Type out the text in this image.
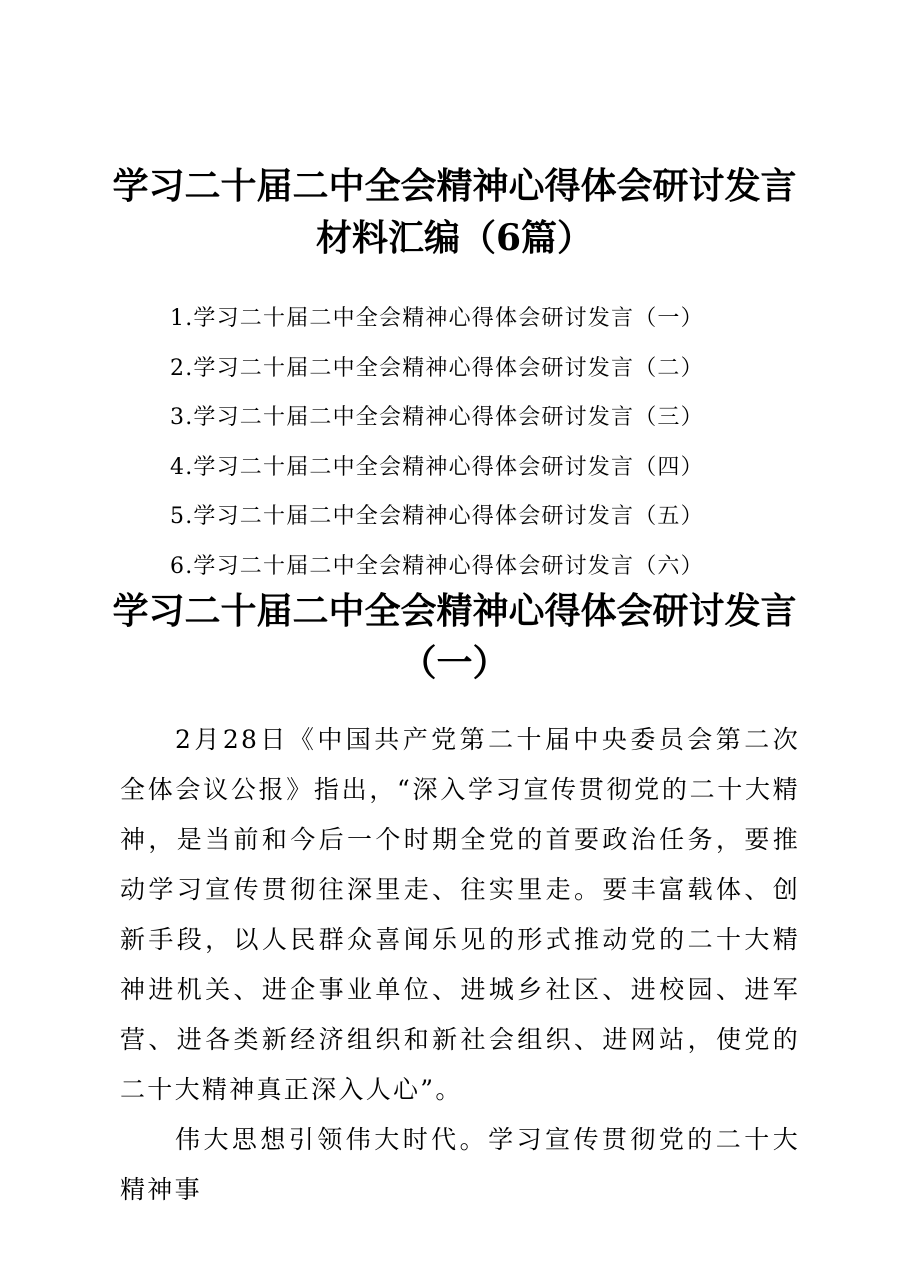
学习二十届二中全会精神心得体会研讨发言材料汇编（6篇）
1.学习二十届二中全会精神心得体会研讨发言（一）
2.学习二十届二中全会精神心得体会研讨发言（二）
3.学习二十届二中全会精神心得体会研讨发言（三）
4.学习二十届二中全会精神心得体会研讨发言（四）
5.学习二十届二中全会精神心得体会研讨发言（五）
6.学习二十届二中全会精神心得体会研讨发言（六）
学习二十届二中全会精神心得体会研讨发言（一）

2月28日《中国共产党第二十届中央委员会第二次全体会议公报》指出，“深入学习宣传贯彻党的二十大精神，是当前和今后一个时期全党的首要政治任务，要推动学习宣传贯彻往深里走、往实里走。要丰富载体、创新手段，以人民群众喜闻乐见的形式推动党的二十大精神进机关、进企事业单位、进城乡社区、进校园、进军营、进各类新经济组织和新社会组织、进网站，使党的二十大精神真正深入人心”。

伟大思想引领伟大时代。学习宣传贯彻党的二十大精神事
